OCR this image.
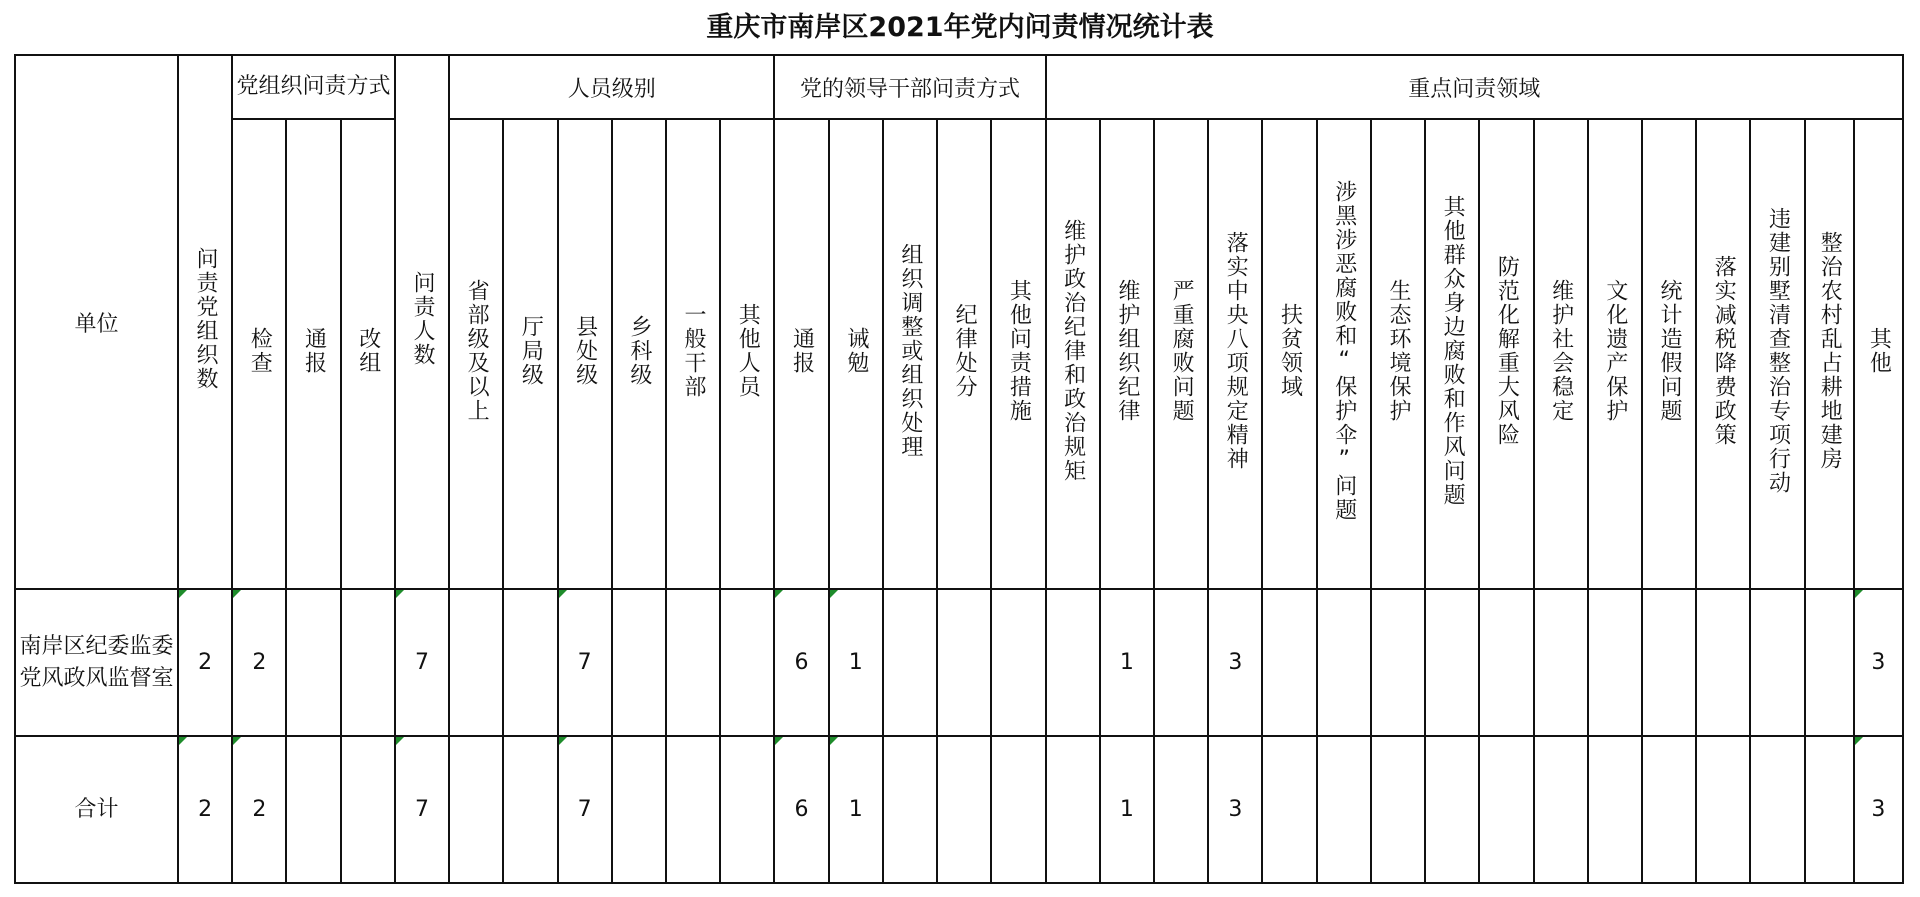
重庆市南岸区2021年党内问责情况统计表
单位	问责党组织数	党组织问责方式			问责人数	人员级别						党的领导干部问责方式					重点问责领域															
		检查	通报	改组		省部级及以上	厅局级	县处级	乡科级	一般干部	其他人员	通报	诫勉	组织调整或组织处理	纪律处分	其他问责措施	维护政治纪律和政治规矩	维护组织纪律	严重腐败问题	落实中央八项规定精神	扶贫领域	涉黑涉恶腐败和“保护伞”问题	生态环境保护	其他群众身边腐败和作风问题	防范化解重大风险	维护社会稳定	文化遗产保护	统计造假问题	落实减税降费政策	违建别墅清查整治专项行动	整治农村乱占耕地建房	其他
南岸区纪委监委党风政风监督室	2	2			7			7				6	1					1		3												3
合计	2	2			7			7				6	1					1		3												3
